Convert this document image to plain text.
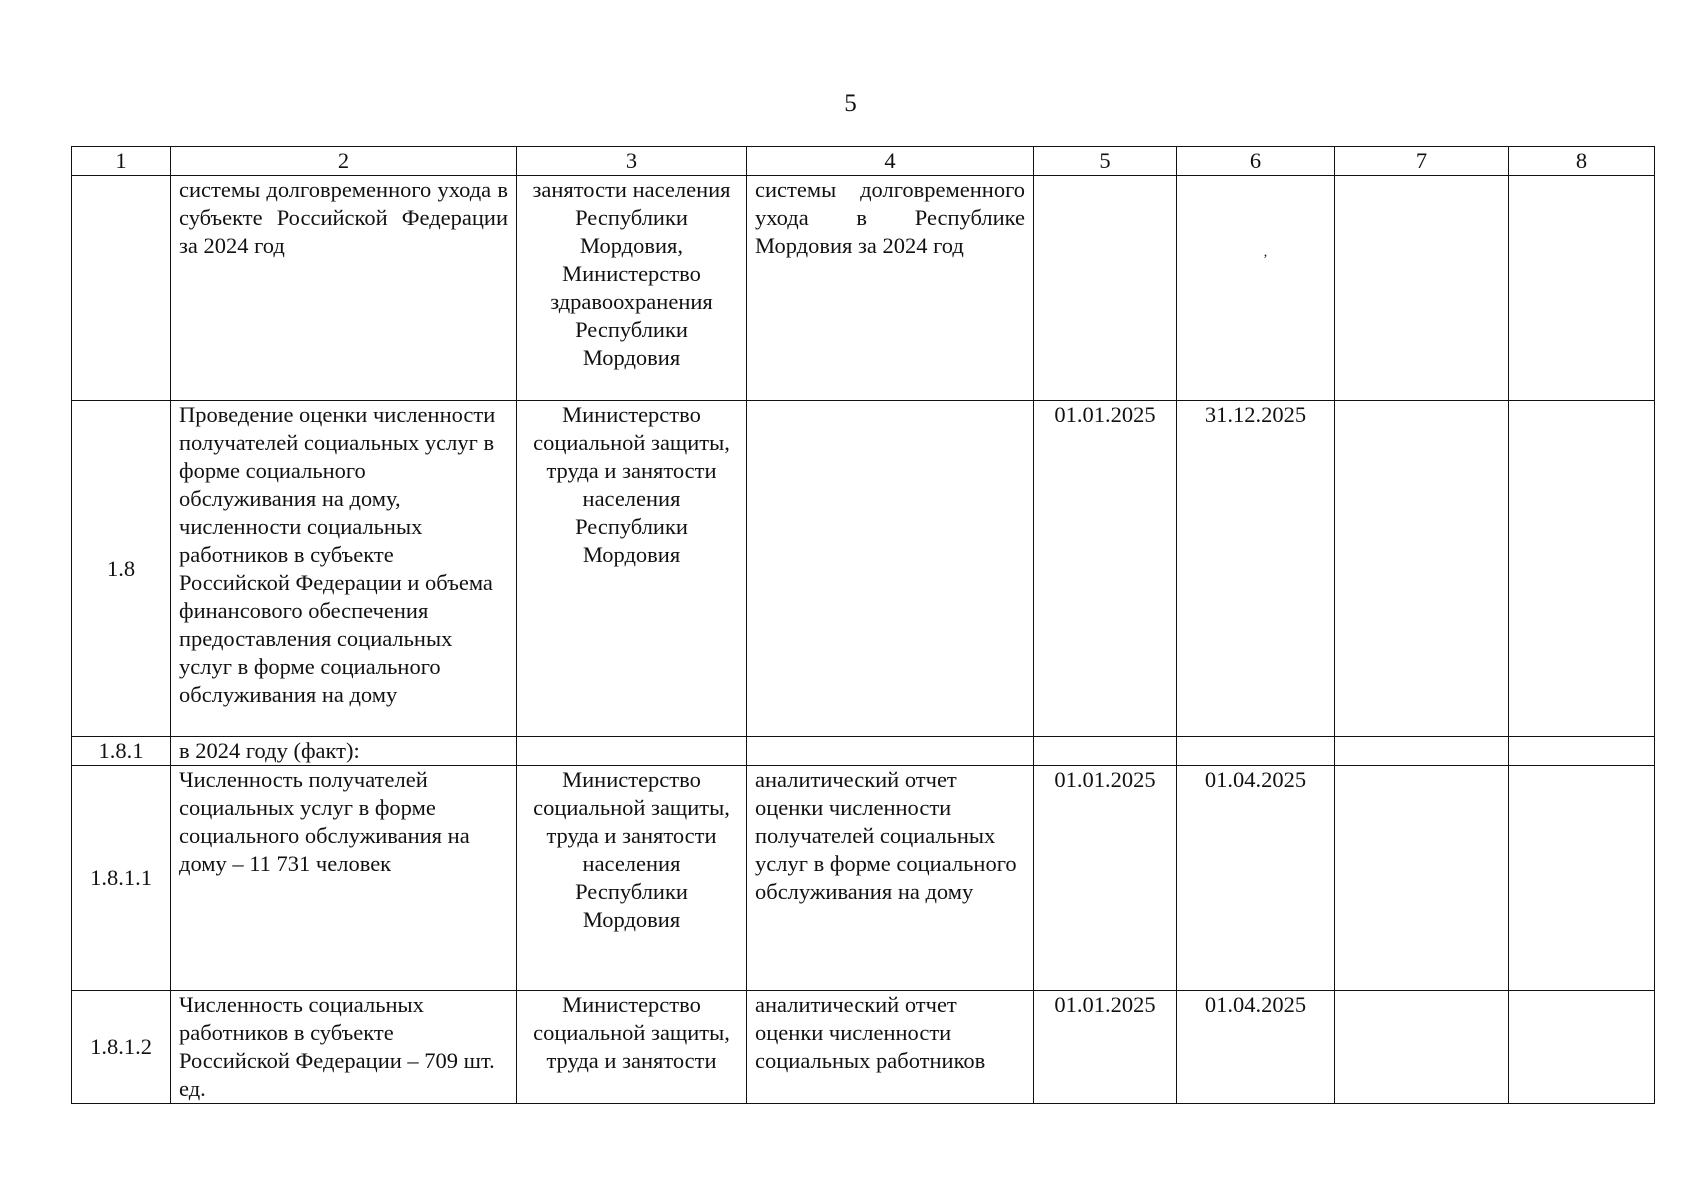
5
1	2	3	4	5	6	7	8
	системы долговременного ухода в субъекте Российской Федерации за 2024 год	занятости населения Республики Мордовия, Министерство здравоохранения Республики Мордовия	системы долговременного ухода в Республике Мордовия за 2024 год		,		

1.8	Проведение оценки численности получателей социальных услуг в форме социального обслуживания на дому, численности социальных работников в субъекте Российской Федерации и объема финансового обеспечения предоставления социальных услуг в форме социального обслуживания на дому	Министерство социальной защиты, труда и занятости населения Республики Мордовия		01.01.2025	31.12.2025		
1.8.1	в 2024 году (факт):						
1.8.1.1	Численность получателей социальных услуг в форме социального обслуживания на дому – 11 731 человек	Министерство социальной защиты, труда и занятости населения Республики Мордовия	аналитический отчет оценки численности получателей социальных услуг в форме социального обслуживания на дому	01.01.2025	01.04.2025		
1.8.1.2	Численность социальных работников в субъекте Российской Федерации – 709 шт. ед.	Министерство социальной защиты, труда и занятости	аналитический отчет оценки численности социальных работников	01.01.2025	01.04.2025		
